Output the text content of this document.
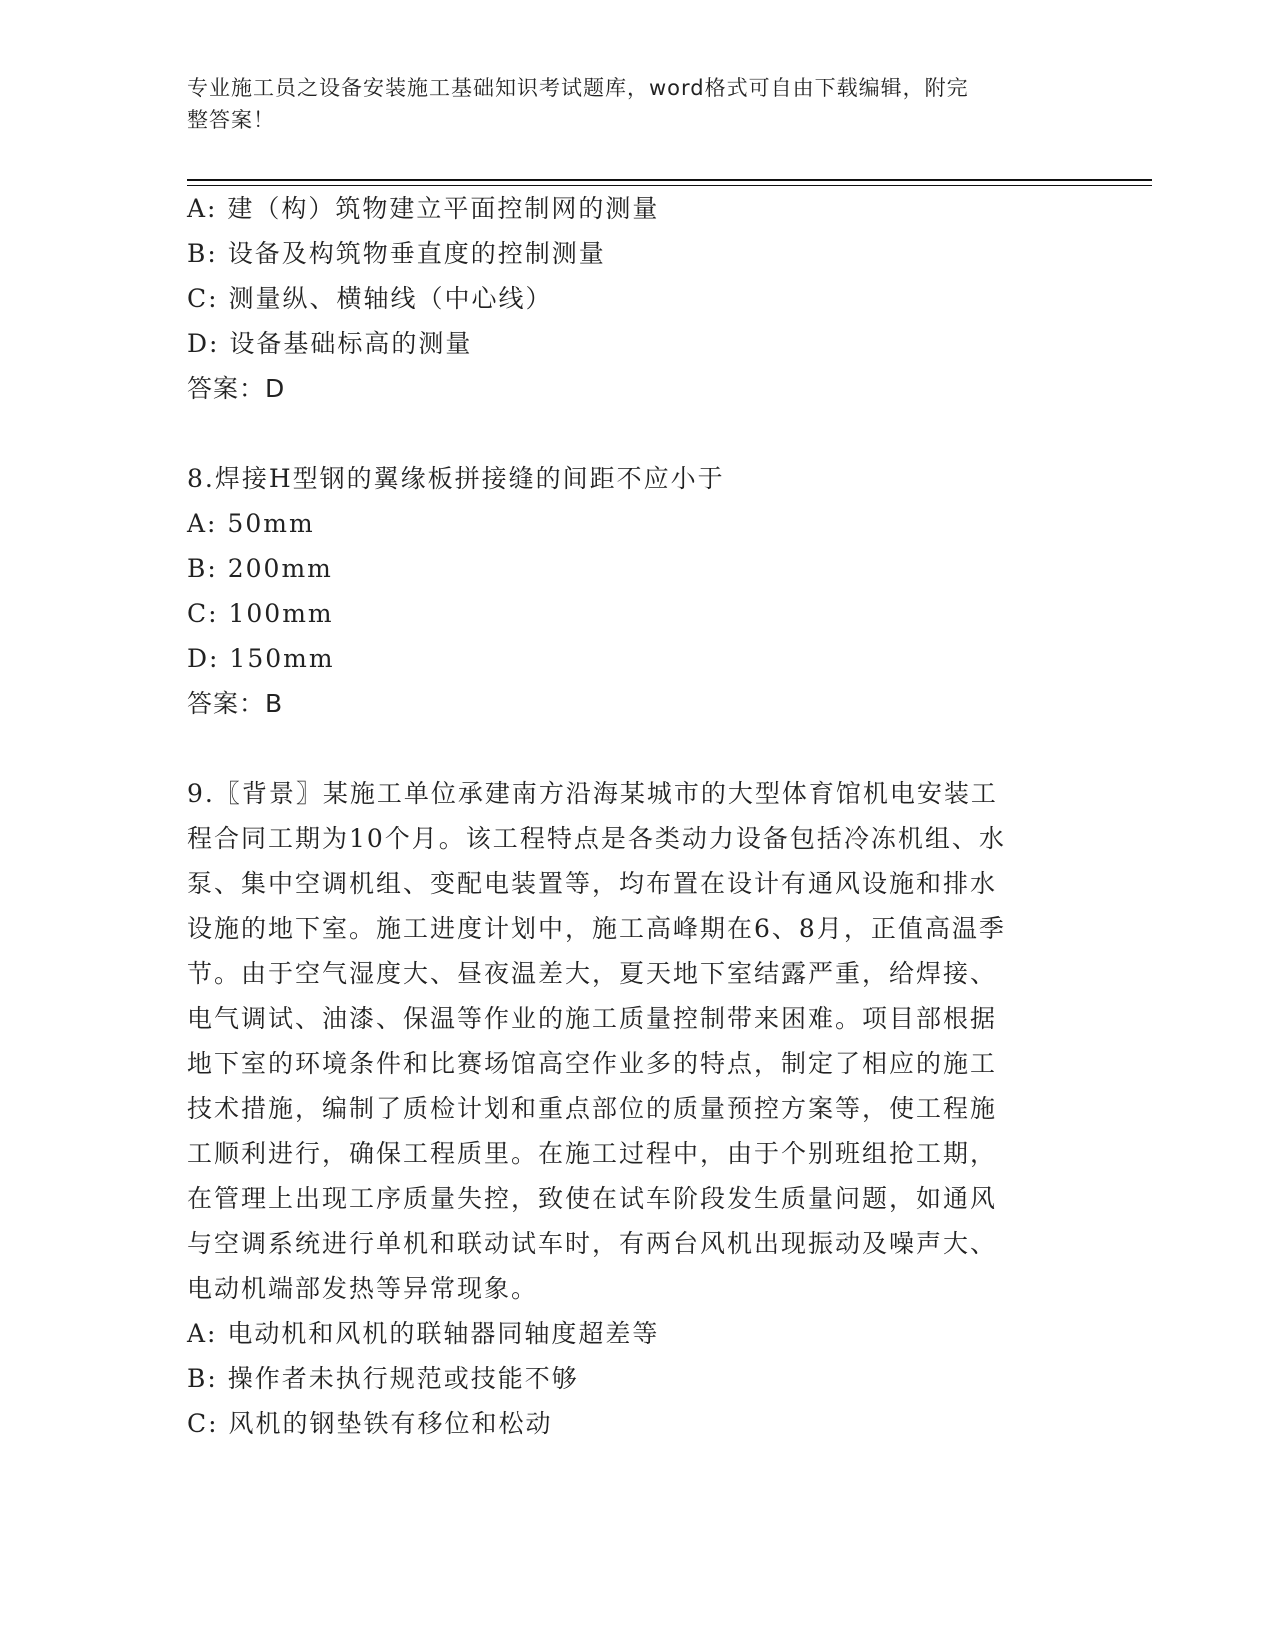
专业施工员之设备安装施工基础知识考试题库，word格式可自由下载编辑，附完
整答案！
A: 建（构）筑物建立平面控制网的测量
B: 设备及构筑物垂直度的控制测量
C: 测量纵、横轴线（中心线）
D: 设备基础标高的测量
答案：D
8.焊接H型钢的翼缘板拼接缝的间距不应小于
A: 50mm
B: 200mm
C: 100mm
D: 150mm
答案：B
9.〖背景〗某施工单位承建南方沿海某城市的大型体育馆机电安装工
程合同工期为10个月。该工程特点是各类动力设备包括冷冻机组、水
泵、集中空调机组、变配电装置等，均布置在设计有通风设施和排水
设施的地下室。施工进度计划中，施工高峰期在6、8月，正值高温季
节。由于空气湿度大、昼夜温差大，夏天地下室结露严重，给焊接、
电气调试、油漆、保温等作业的施工质量控制带来困难。项目部根据
地下室的环境条件和比赛场馆高空作业多的特点，制定了相应的施工
技术措施，编制了质检计划和重点部位的质量预控方案等，使工程施
工顺利进行，确保工程质里。在施工过程中，由于个别班组抢工期，
在管理上出现工序质量失控，致使在试车阶段发生质量问题，如通风
与空调系统进行单机和联动试车时，有两台风机出现振动及噪声大、
电动机端部发热等异常现象。
A: 电动机和风机的联轴器同轴度超差等
B: 操作者未执行规范或技能不够
C: 风机的钢垫铁有移位和松动
